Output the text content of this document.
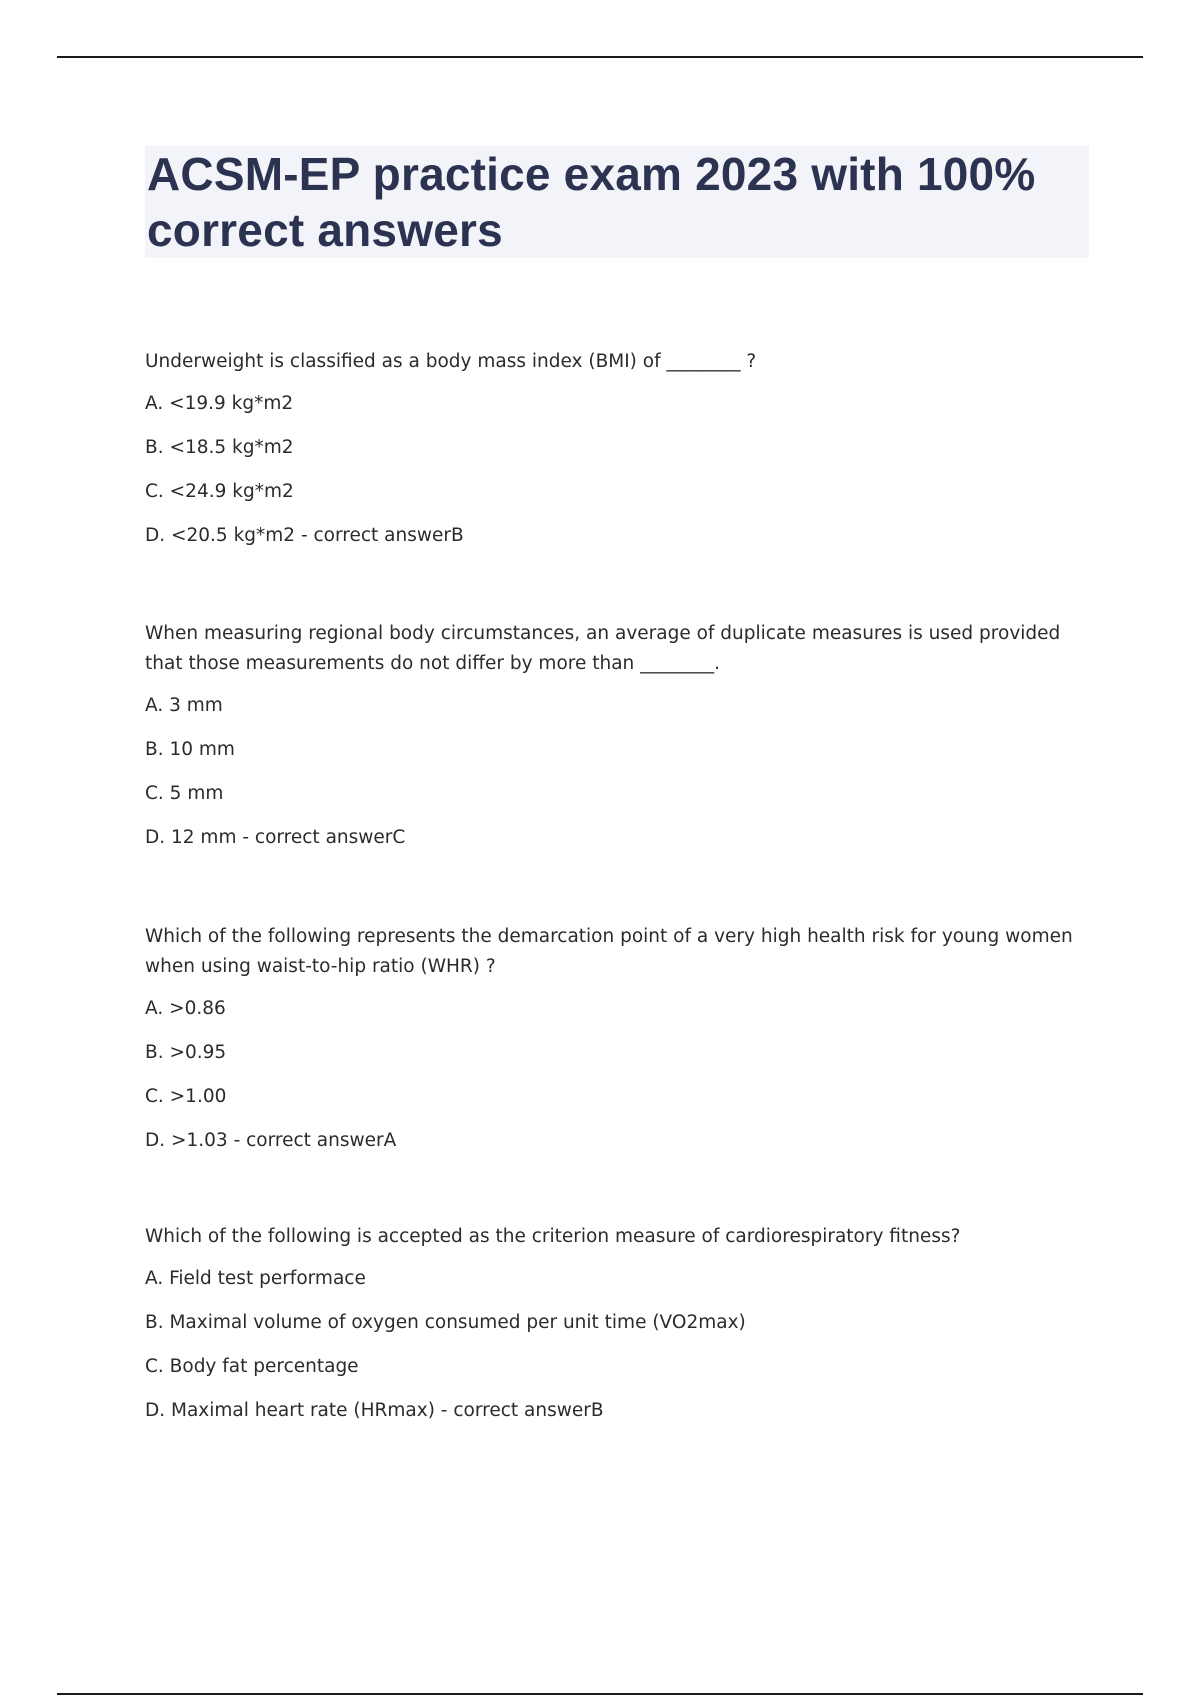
ACSM-EP practice exam 2023 with 100% correct answers

Underweight is classified as a body mass index (BMI) of ________ ?

A. <19.9 kg*m2

B. <18.5 kg*m2

C. <24.9 kg*m2

D. <20.5 kg*m2 - correct answerB

When measuring regional body circumstances, an average of duplicate measures is used provided that those measurements do not differ by more than ________.

A. 3 mm

B. 10 mm

C. 5 mm

D. 12 mm - correct answerC

Which of the following represents the demarcation point of a very high health risk for young women when using waist-to-hip ratio (WHR) ?

A. >0.86

B. >0.95

C. >1.00

D. >1.03 - correct answerA

Which of the following is accepted as the criterion measure of cardiorespiratory fitness?

A. Field test performace

B. Maximal volume of oxygen consumed per unit time (VO2max)

C. Body fat percentage

D. Maximal heart rate (HRmax) - correct answerB
